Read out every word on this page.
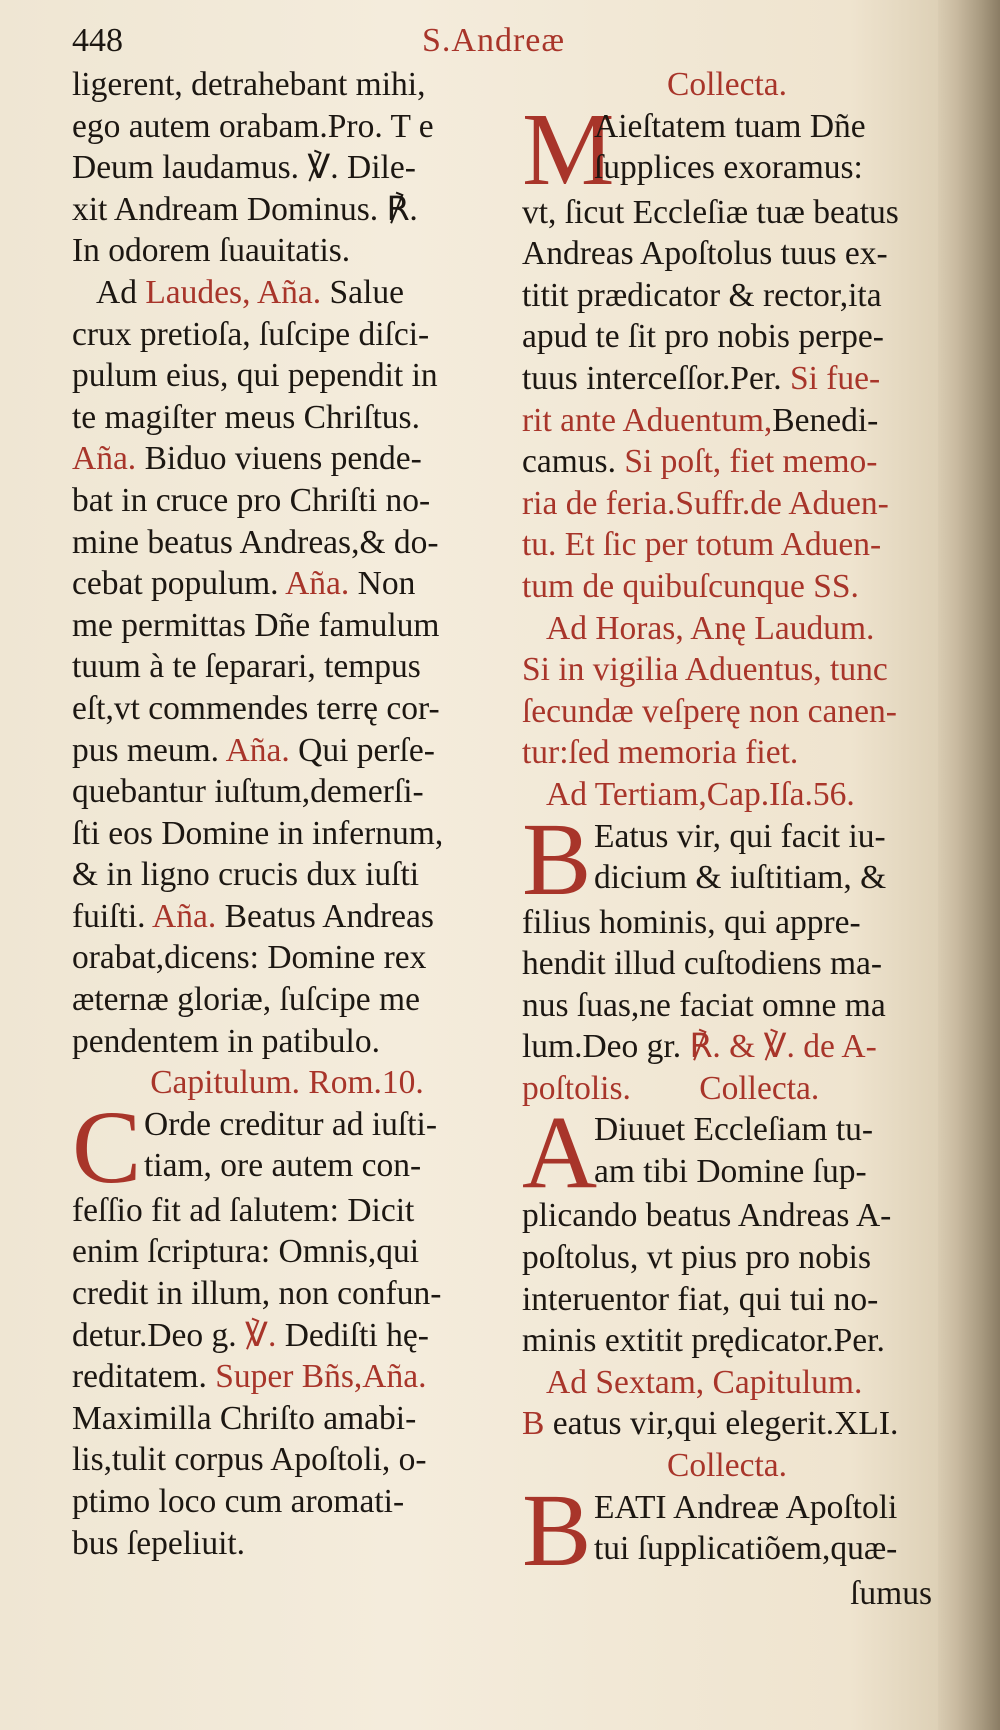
448	S.Andreæ
ligerent, detrahebant mihi,
ego autem orabam.Pro. T e
Deum laudamus. ℣. Dile-
xit Andream Dominus. ℟.
In odorem ſuauitatis.
Ad Laudes, Añа. Salue
crux pretioſa, ſuſcipe diſci-
pulum eius, qui pependit in
te magiſter meus Chriſtus.
Añа. Biduo viuens pende-
bat in cruce pro Chriſti no-
mine beatus Andreas,& do-
cebat populum. Añа. Non
me permittas Dñe famulum
tuum à te ſeparari, tempus
eſt,vt commendes terrę cor-
pus meum. Añа. Qui perſe-
quebantur iuſtum,demerſi-
ſti eos Domine in infernum,
& in ligno crucis dux iuſti
fuiſti. Añа. Beatus Andreas
orabat,dicens: Domine rex
æternæ gloriæ, ſuſcipe me
pendentem in patibulo.
Capitulum. Rom.10.
C Orde creditur ad iuſti-
tiam, ore autem con-
feſſio fit ad ſalutem: Dicit
enim ſcriptura: Omnis,qui
credit in illum, non confun-
detur.Deo g. ℣. Dediſti hę-
reditatem. Super Bñs,Añа.
Maximilla Chriſto amabi-
lis,tulit corpus Apoſtoli, o-
ptimo loco cum aromati-
bus ſepeliuit.
Collecta.
M
Aieſtatem tuam Dñe
ſupplices exoramus:
vt, ſicut Eccleſiæ tuæ beatus
Andreas Apoſtolus tuus ex-
titit prædicator & rector,ita
apud te ſit pro nobis perpe-
tuus interceſſor.Per. Si fue-
rit ante Aduentum,Benedi-
camus. Si poſt, fiet memo-
ria de feria.Suffr.de Aduen-
tu. Et ſic per totum Aduen-
tum de quibuſcunque SS.
Ad Horas, Anę Laudum.
Si in vigilia Aduentus, tunc
ſecundæ veſperę non canen-
tur:ſed memoria fiet.
Ad Tertiam,Cap.Iſa.56.
B Eatus vir, qui facit iu-
dicium & iuſtitiam, &
filius hominis, qui appre-
hendit illud cuſtodiens ma-
nus ſuas,ne faciat omne ma
lum.Deo gr. ℟. & ℣. de A-
poſtolis. Collecta.
A
Diuuet Eccleſiam tu-
am tibi Domine ſup-
plicando beatus Andreas A-
poſtolus, vt pius pro nobis
interuentor fiat, qui tui no-
minis extitit prędicator.Per.
Ad Sextam, Capitulum.
B eatus vir,qui elegerit.XLI.
Collecta.
B EATI Andreæ Apoſtoli
tui ſupplicatiõem,quæ-
ſumus
